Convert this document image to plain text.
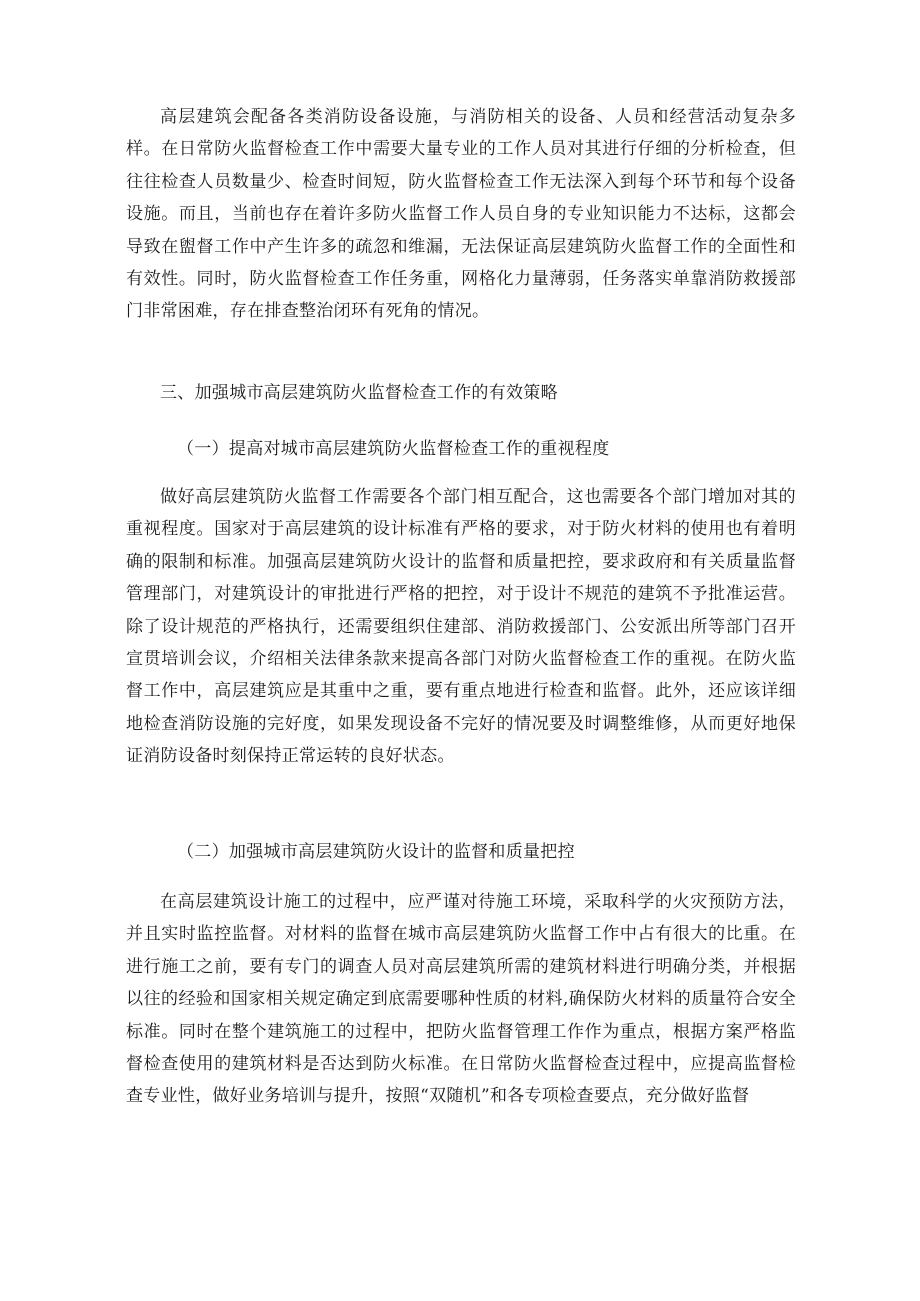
高层建筑会配备各类消防设备设施，与消防相关的设备、人员和经营活动复杂多样。在日常防火监督检查工作中需要大量专业的工作人员对其进行仔细的分析检查，但往往检查人员数量少、检查时间短，防火监督检查工作无法深入到每个环节和每个设备设施。而且，当前也存在着许多防火监督工作人员自身的专业知识能力不达标，这都会导致在盥督工作中产生许多的疏忽和维漏，无法保证高层建筑防火监督工作的全面性和有效性。同时，防火监督检查工作任务重，网格化力量薄弱，任务落实单靠消防救援部门非常困难，存在排查整治闭环有死角的情况。

三、加强城市高层建筑防火监督检查工作的有效策略

（一）提高对城市高层建筑防火监督检查工作的重视程度

做好高层建筑防火监督工作需要各个部门相互配合，这也需要各个部门增加对其的重视程度。国家对于高层建筑的设计标准有严格的要求，对于防火材料的使用也有着明确的限制和标准。加强高层建筑防火设计的监督和质量把控，要求政府和有关质量监督管理部门，对建筑设计的审批进行严格的把控，对于设计不规范的建筑不予批准运营。除了设计规范的严格执行，还需要组织住建部、消防救援部门、公安派出所等部门召开宣贯培训会议，介绍相关法律条款来提高各部门对防火监督检查工作的重视。在防火监督工作中，高层建筑应是其重中之重，要有重点地进行检查和监督。此外，还应该详细地检查消防设施的完好度，如果发现设备不完好的情况要及时调整维修，从而更好地保证消防设备时刻保持正常运转的良好状态。

（二）加强城市高层建筑防火设计的监督和质量把控

在高层建筑设计施工的过程中，应严谨对待施工环境，采取科学的火灾预防方法，并且实时监控监督。对材料的监督在城市高层建筑防火监督工作中占有很大的比重。在进行施工之前，要有专门的调查人员对高层建筑所需的建筑材料进行明确分类，并根据以往的经验和国家相关规定确定到底需要哪种性质的材料,确保防火材料的质量符合安全标准。同时在整个建筑施工的过程中，把防火监督管理工作作为重点，根据方案严格监督检查使用的建筑材料是否达到防火标准。在日常防火监督检查过程中，应提高监督检查专业性，做好业务培训与提升，按照“双随机”和各专项检查要点，充分做好监督
